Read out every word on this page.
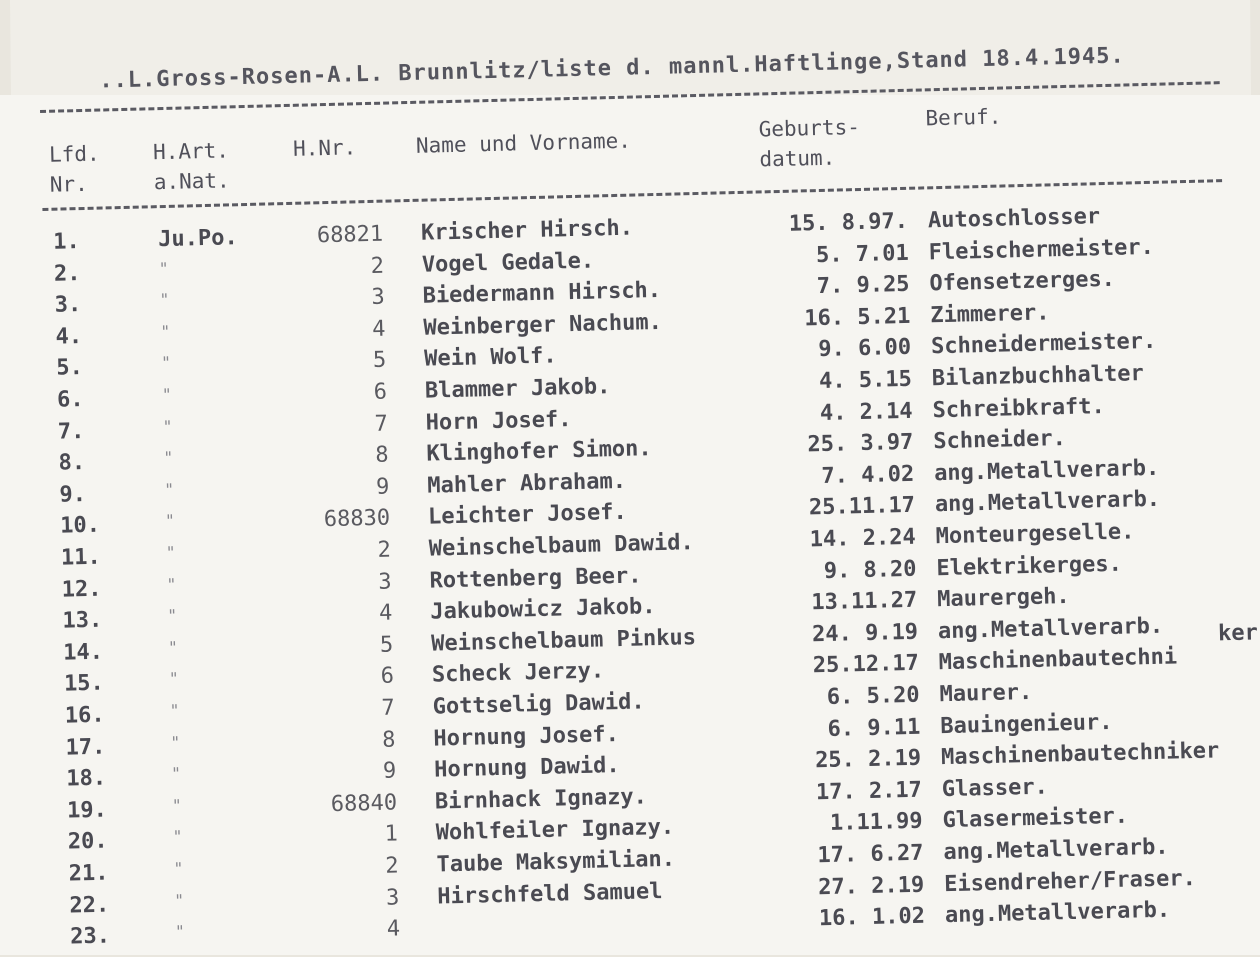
..L.Gross-Rosen-A.L. Brunnlitz/liste d. mannl.Haftlinge,Stand 18.4.1945.
Lfd.
Nr.
H.Art.
a.Nat.
H.Nr.	Name und Vorname.
Geburts-
datum.
Beruf.
1.	Ju.Po.	68821 Krischer Hirsch.	15. 8.97. Autoschlosser
2.	"	2 Vogel Gedale.	5. 7.01 Fleischermeister.
3.	"	3 Biedermann Hirsch.	7. 9.25 Ofensetzerges.
4.	"	4 Weinberger Nachum.	16. 5.21 Zimmerer.
5.	"	5 Wein Wolf.	9. 6.00 Schneidermeister.
6.	"	6 Blammer Jakob.	4. 5.15 Bilanzbuchhalter
7.	"	7 Horn Josef.	4. 2.14 Schreibkraft.
8.	"	8 Klinghofer Simon.	25. 3.97 Schneider.
9.	"	9 Mahler Abraham.	7. 4.02 ang.Metallverarb.
10.	"	68830 Leichter Josef.	25.11.17 ang.Metallverarb.
11.	"	2 Weinschelbaum Dawid.	14. 2.24 Monteurgeselle.
12.	"	3 Rottenberg Beer.	9. 8.20 Elektrikerges.
13.	"	4 Jakubowicz Jakob.	13.11.27 Maurergeh.
14.	"	5 Weinschelbaum Pinkus	24. 9.19 ang.Metallverarb.
15.	"	6 Scheck Jerzy.	25.12.17 Maschinenbautechni
16.	"	7 Gottselig Dawid.	6. 5.20 Maurer.
17.	"	8 Hornung Josef.	6. 9.11 Bauingenieur.
18.	"	9 Hornung Dawid.	25. 2.19 Maschinenbautechniker
19.	"	68840 Birnhack Ignazy.	17. 2.17 Glasser.
20.	"	1 Wohlfeiler Ignazy.	1.11.99 Glasermeister.
21.	"	2 Taube Maksymilian.	17. 6.27 ang.Metallverarb.
22.	"	3 Hirschfeld Samuel	27. 2.19 Eisendreher/Fraser.
23.	"	4	16. 1.02 ang.Metallverarb.
ker
